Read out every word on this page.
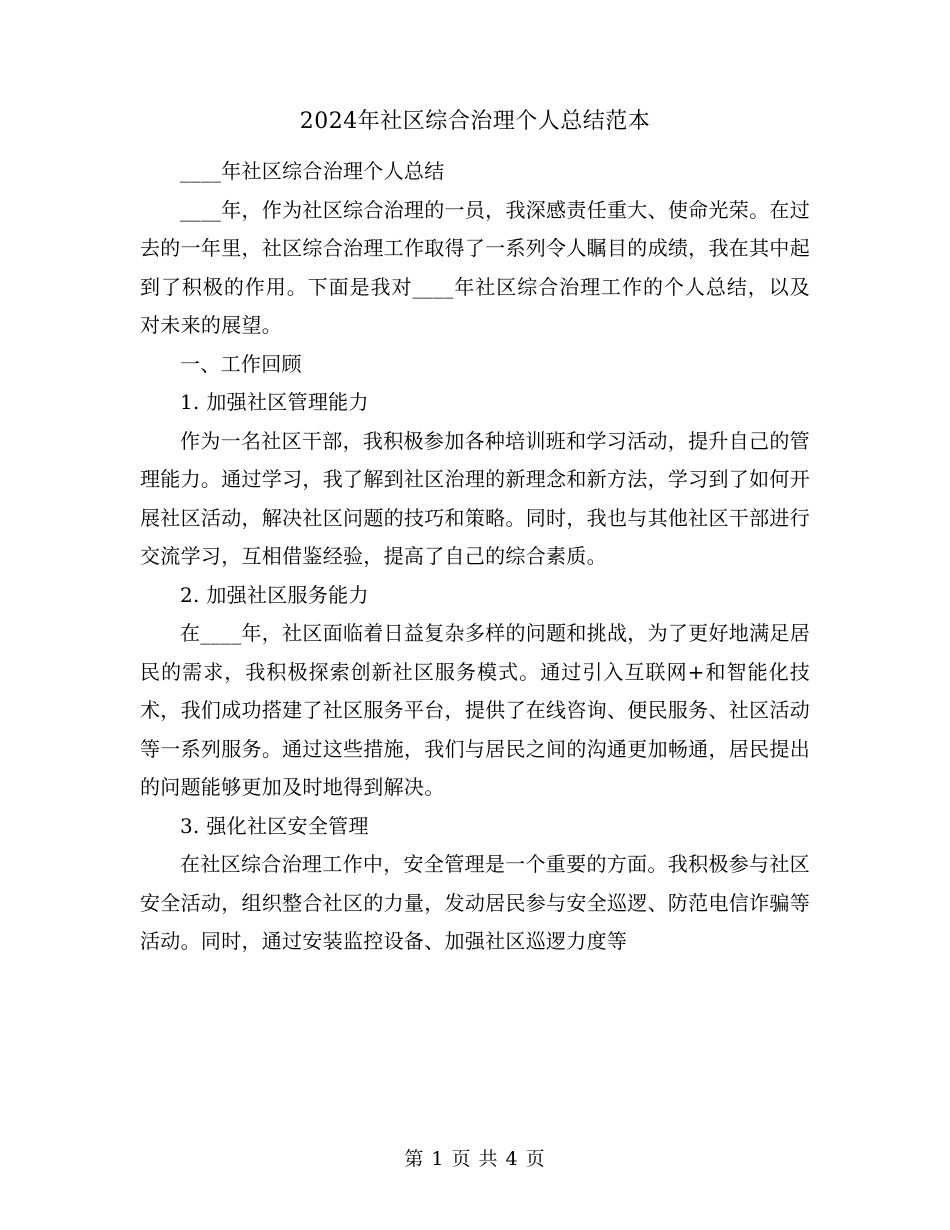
2024年社区综合治理个人总结范本

____年社区综合治理个人总结

____年，作为社区综合治理的一员，我深感责任重大、使命光荣。在过去的一年里，社区综合治理工作取得了一系列令人瞩目的成绩，我在其中起到了积极的作用。下面是我对____年社区综合治理工作的个人总结，以及对未来的展望。

一、工作回顾

1. 加强社区管理能力

作为一名社区干部，我积极参加各种培训班和学习活动，提升自己的管理能力。通过学习，我了解到社区治理的新理念和新方法，学习到了如何开展社区活动，解决社区问题的技巧和策略。同时，我也与其他社区干部进行交流学习，互相借鉴经验，提高了自己的综合素质。

2. 加强社区服务能力

在____年，社区面临着日益复杂多样的问题和挑战，为了更好地满足居民的需求，我积极探索创新社区服务模式。通过引入互联网+和智能化技术，我们成功搭建了社区服务平台，提供了在线咨询、便民服务、社区活动等一系列服务。通过这些措施，我们与居民之间的沟通更加畅通，居民提出的问题能够更加及时地得到解决。

3. 强化社区安全管理

在社区综合治理工作中，安全管理是一个重要的方面。我积极参与社区安全活动，组织整合社区的力量，发动居民参与安全巡逻、防范电信诈骗等活动。同时，通过安装监控设备、加强社区巡逻力度等

第 1 页 共 4 页
